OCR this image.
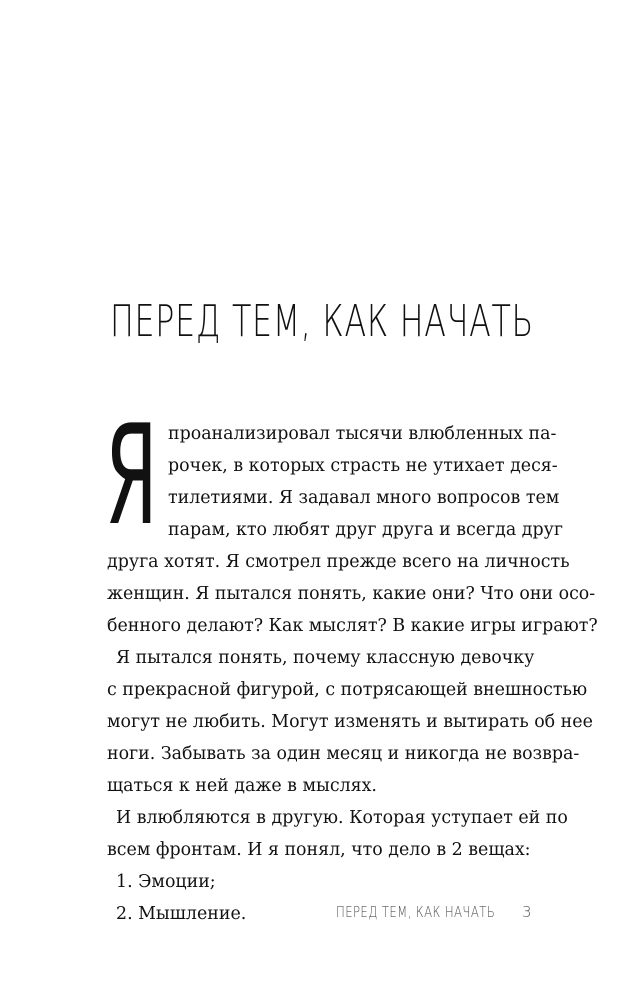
ПЕРЕД ТЕМ, КАК НАЧАТЬ
Я проанализировал тысячи влюбленных па-
рочек, в которых страсть не утихает деся-
тилетиями. Я задавал много вопросов тем
парам, кто любят друг друга и всегда друг
друга хотят. Я смотрел прежде всего на личность
женщин. Я пытался понять, какие они? Что они осо-
бенного делают? Как мыслят? В какие игры играют?
Я пытался понять, почему классную девочку
с прекрасной фигурой, с потрясающей внешностью
могут не любить. Могут изменять и вытирать об нее
ноги. Забывать за один месяц и никогда не возвра-
щаться к ней даже в мыслях.
И влюбляются в другую. Которая уступает ей по
всем фронтам. И я понял, что дело в 2 вещах:
1. Эмоции;
2. Мышление.	ПЕРЕД ТЕМ, КАК НАЧАТЬ 3
